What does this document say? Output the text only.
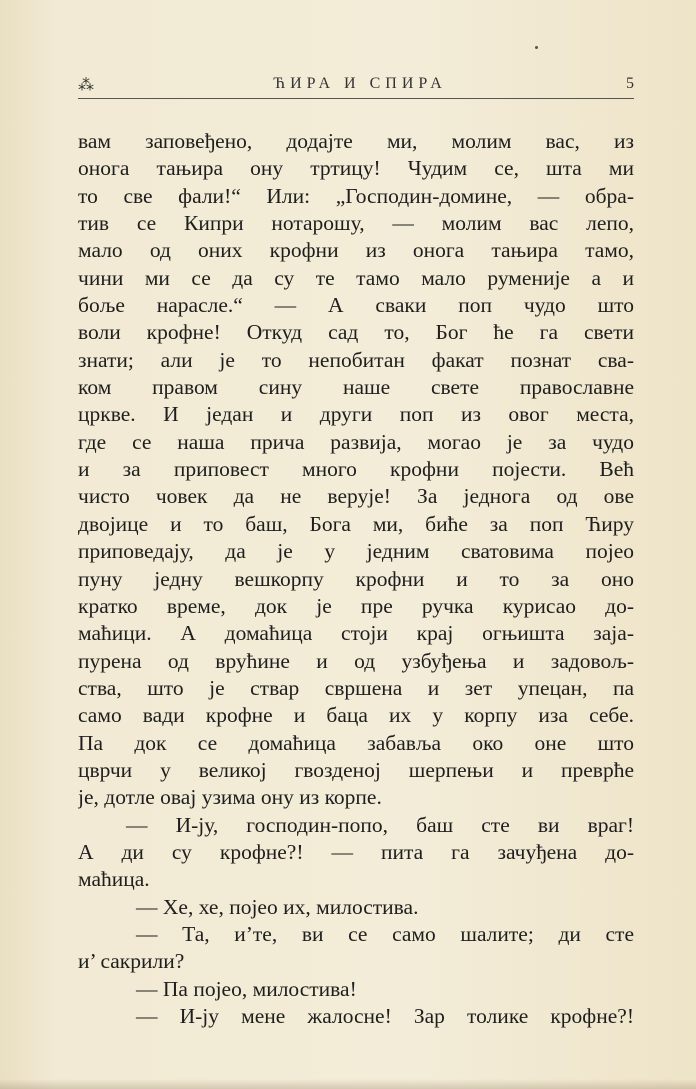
⁂	ЋИРА И СПИРА	5
вам заповеђено, додајте ми, молим вас, из
онога тањира ону тртицу! Чудим се, шта ми
то све фали!“ Или: „Господин-домине, — обра-
тив се Кипри нотарошу, — молим вас лепо,
мало од оних крофни из онога тањира тамо,
чини ми се да су те тамо мало руменије а и
боље нарасле.“ — А сваки поп чудо што
воли крофне! Откуд сад то, Бог ће га свети
знати; али је то непобитан факат познат сва-
ком правом сину наше свете православне
цркве. И један и други поп из овог места,
где се наша прича развија, могао је за чудо
и за приповест много крофни појести. Већ
чисто човек да не верује! За једнога од ове
двојице и то баш, Бога ми, биће за поп Ћиру
приповедају, да је у једним сватовима појео
пуну једну вешкорпу крофни и то за оно
кратко време, док је пре ручка курисао до-
маћици. А домаћица стоји крај огњишта зaja-
пурена од врућине и од узбуђења и задовољ-
ства, што је ствар свршена и зет упецан, па
само вади крофне и баца их у корпу иза себе.
Па док се домаћица забавља око оне што
цврчи у великој гвозденој шерпењи и преврће
је, дотле овај узима ону из корпе.
— И-ју, господин-попо, баш сте ви враг!
А ди су крофне?! — пита га зачуђена до-
маћица.
— Хе, хе, појео их, милостива.
— Та, и’те, ви се само шалите; ди сте
и’ сакрили?
— Па појео, милостива!
— И-ју мене жалосне! Зар толике крофне?!
